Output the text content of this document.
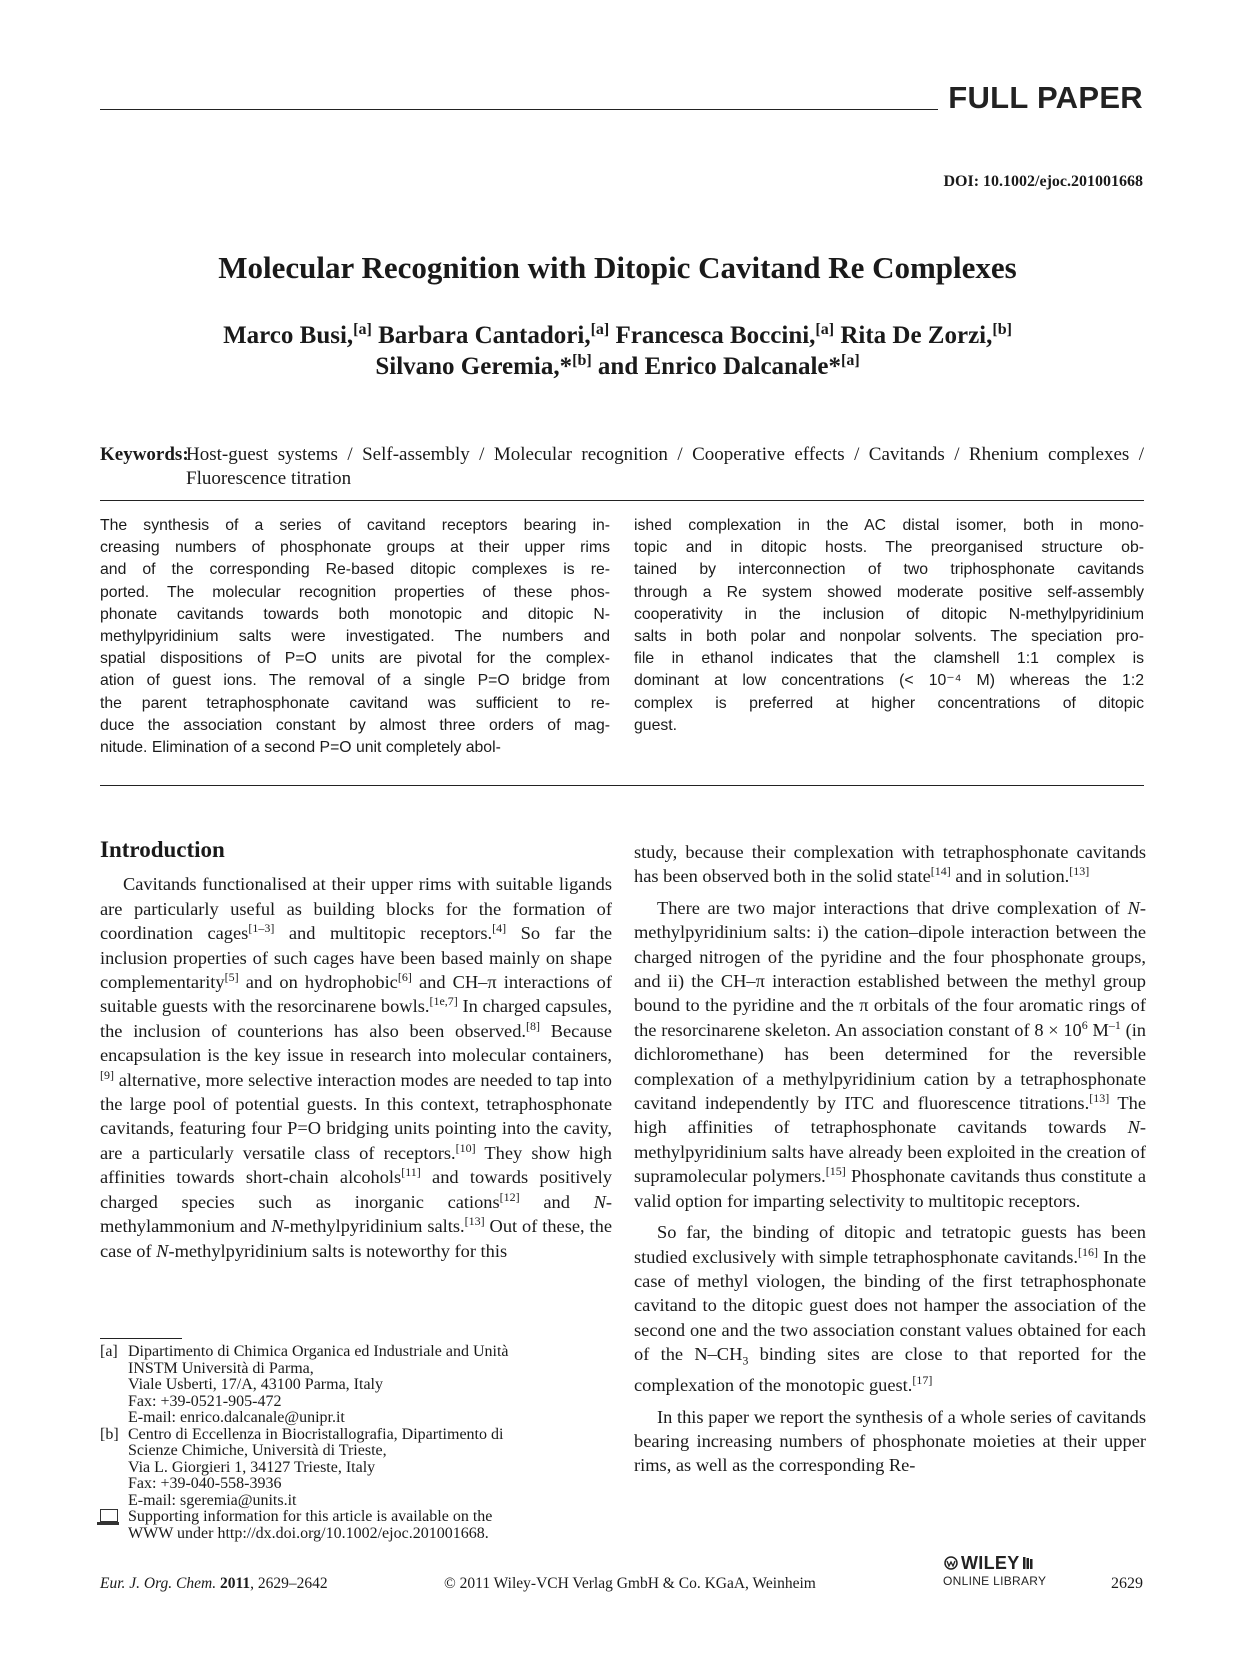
FULL PAPER
DOI: 10.1002/ejoc.201001668
Molecular Recognition with Ditopic Cavitand Re Complexes
Marco Busi,[a] Barbara Cantadori,[a] Francesca Boccini,[a] Rita De Zorzi,[b]
Silvano Geremia,*[b] and Enrico Dalcanale*[a]
Keywords:
Host-guest systems / Self-assembly / Molecular recognition / Cooperative effects / Cavitands / Rhenium complexes / Fluorescence titration
The synthesis of a series of cavitand receptors bearing in-
creasing numbers of phosphonate groups at their upper rims
and of the corresponding Re-based ditopic complexes is re-
ported. The molecular recognition properties of these phos-
phonate cavitands towards both monotopic and ditopic N-
methylpyridinium salts were investigated. The numbers and
spatial dispositions of P=O units are pivotal for the complex-
ation of guest ions. The removal of a single P=O bridge from
the parent tetraphosphonate cavitand was sufficient to re-
duce the association constant by almost three orders of mag-
nitude. Elimination of a second P=O unit completely abol-
ished complexation in the AC distal isomer, both in mono-
topic and in ditopic hosts. The preorganised structure ob-
tained by interconnection of two triphosphonate cavitands
through a Re system showed moderate positive self-assembly
cooperativity in the inclusion of ditopic N-methylpyridinium
salts in both polar and nonpolar solvents. The speciation pro-
file in ethanol indicates that the clamshell 1:1 complex is
dominant at low concentrations (< 10⁻⁴ M) whereas the 1:2
complex is preferred at higher concentrations of ditopic
guest.
Introduction

Cavitands functionalised at their upper rims with suitable ligands are particularly useful as building blocks for the formation of coordination cages[1–3] and multitopic receptors.[4] So far the inclusion properties of such cages have been based mainly on shape complementarity[5] and on hydrophobic[6] and CH–π interactions of suitable guests with the resorcinarene bowls.[1e,7] In charged capsules, the inclusion of counterions has also been observed.[8] Because encapsulation is the key issue in research into molecular containers,[9] alternative, more selective interaction modes are needed to tap into the large pool of potential guests. In this context, tetraphosphonate cavitands, featuring four P=O bridging units pointing into the cavity, are a particularly versatile class of receptors.[10] They show high affinities towards short-chain alcohols[11] and towards positively charged species such as inorganic cations[12] and N-methylammonium and N-methylpyridinium salts.[13] Out of these, the case of N-methylpyridinium salts is noteworthy for this

study, because their complexation with tetraphosphonate cavitands has been observed both in the solid state[14] and in solution.[13]

There are two major interactions that drive complexation of N-methylpyridinium salts: i) the cation–dipole interaction between the charged nitrogen of the pyridine and the four phosphonate groups, and ii) the CH–π interaction established between the methyl group bound to the pyridine and the π orbitals of the four aromatic rings of the resorcinarene skeleton. An association constant of $8 \times 10^6$ $M^{-1}$ (in dichloromethane) has been determined for the reversible complexation of a methylpyridinium cation by a tetraphosphonate cavitand independently by ITC and fluorescence titrations.[13] The high affinities of tetraphosphonate cavitands towards N-methylpyridinium salts have already been exploited in the creation of supramolecular polymers.[15] Phosphonate cavitands thus constitute a valid option for imparting selectivity to multitopic receptors.

So far, the binding of ditopic and tetratopic guests has been studied exclusively with simple tetraphosphonate cavitands.[16] In the case of methyl viologen, the binding of the first tetraphosphonate cavitand to the ditopic guest does not hamper the association of the second one and the two association constant values obtained for each of the $N-CH_3$ binding sites are close to that reported for the complexation of the monotopic guest.[17]

In this paper we report the synthesis of a whole series of cavitands bearing increasing numbers of phosphonate moieties at their upper rims, as well as the corresponding Re-

[a] Dipartimento di Chimica Organica ed Industriale and Unità
INSTM Università di Parma,
Viale Usberti, 17/A, 43100 Parma, Italy
Fax: +39-0521-905-472
E-mail: enrico.dalcanale@unipr.it
[b] Centro di Eccellenza in Biocristallografia, Dipartimento di
Scienze Chimiche, Università di Trieste,
Via L. Giorgieri 1, 34127 Trieste, Italy
Fax: +39-040-558-3936
E-mail: sgeremia@units.it
Supporting information for this article is available on the
WWW under http://dx.doi.org/10.1002/ejoc.201001668.
Eur. J. Org. Chem. 2011, 2629–2642	© 2011 Wiley-VCH Verlag GmbH & Co. KGaA, Weinheim
WILEY
ONLINE LIBRARY	2629
